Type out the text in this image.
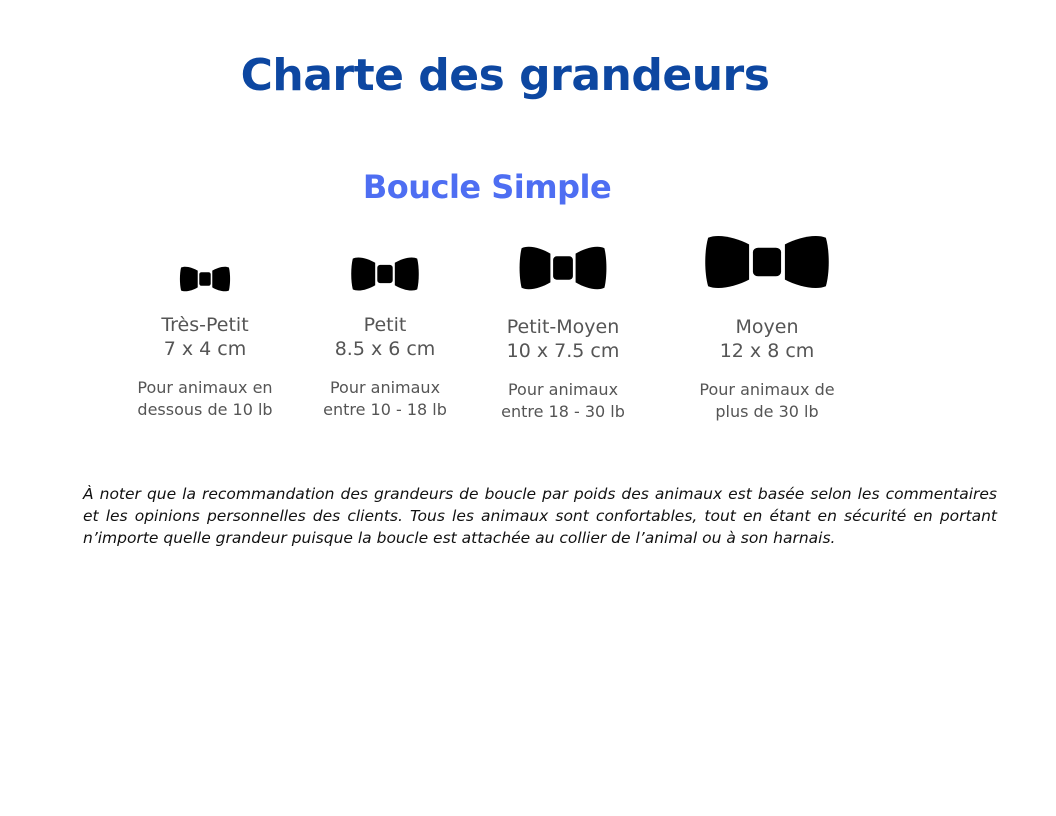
Charte des grandeurs
Boucle Simple
Très-Petit
7 x 4 cm
Pour animaux en
dessous de 10 lb
Petit
8.5 x 6 cm
Pour animaux
entre 10 - 18 lb
Petit-Moyen
10 x 7.5 cm
Pour animaux
entre 18 - 30 lb
Moyen
12 x 8 cm
Pour animaux de
plus de 30 lb

À noter que la recommandation des grandeurs de boucle par poids des animaux est basée selon les commentaires et les opinions personnelles des clients. Tous les animaux sont confortables, tout en étant en sécurité en portant n’importe quelle grandeur puisque la boucle est attachée au collier de l’animal ou à son harnais.
